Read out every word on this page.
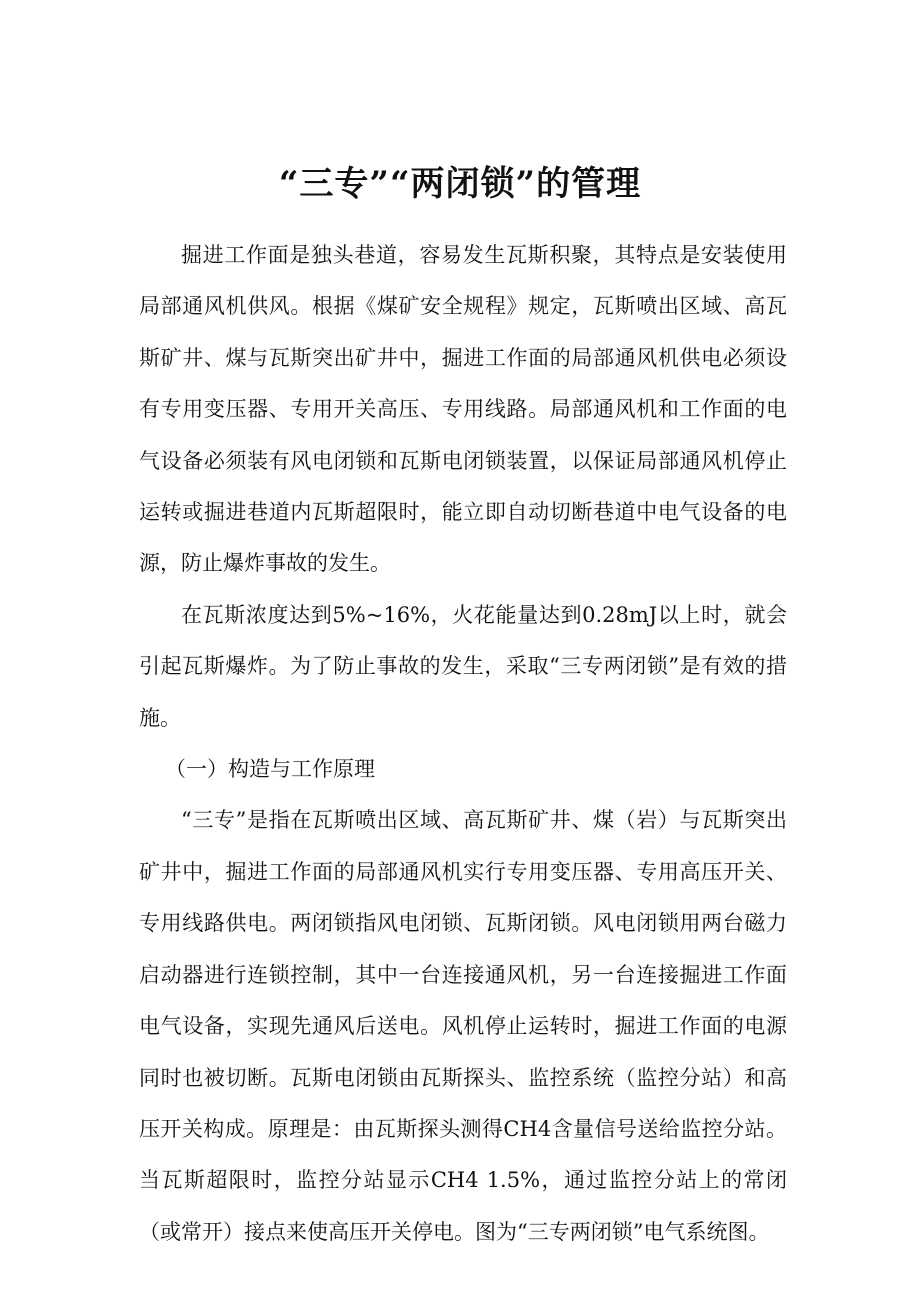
“三专”“两闭锁”的管理

掘进工作面是独头巷道，容易发生瓦斯积聚，其特点是安装使用局部通风机供风。根据《煤矿安全规程》规定，瓦斯喷出区域、高瓦斯矿井、煤与瓦斯突出矿井中，掘进工作面的局部通风机供电必须设有专用变压器、专用开关高压、专用线路。局部通风机和工作面的电气设备必须装有风电闭锁和瓦斯电闭锁装置，以保证局部通风机停止运转或掘进巷道内瓦斯超限时，能立即自动切断巷道中电气设备的电源，防止爆炸事故的发生。

在瓦斯浓度达到5%~16%，火花能量达到0.28mJ以上时，就会引起瓦斯爆炸。为了防止事故的发生，采取“三专两闭锁”是有效的措施。

（一）构造与工作原理

“三专”是指在瓦斯喷出区域、高瓦斯矿井、煤（岩）与瓦斯突出矿井中，掘进工作面的局部通风机实行专用变压器、专用高压开关、专用线路供电。两闭锁指风电闭锁、瓦斯闭锁。风电闭锁用两台磁力启动器进行连锁控制，其中一台连接通风机，另一台连接掘进工作面电气设备，实现先通风后送电。风机停止运转时，掘进工作面的电源同时也被切断。瓦斯电闭锁由瓦斯探头、监控系统（监控分站）和高压开关构成。原理是：由瓦斯探头测得CH4含量信号送给监控分站。当瓦斯超限时，监控分站显示CH4 1.5%，通过监控分站上的常闭（或常开）接点来使高压开关停电。图为“三专两闭锁”电气系统图。
